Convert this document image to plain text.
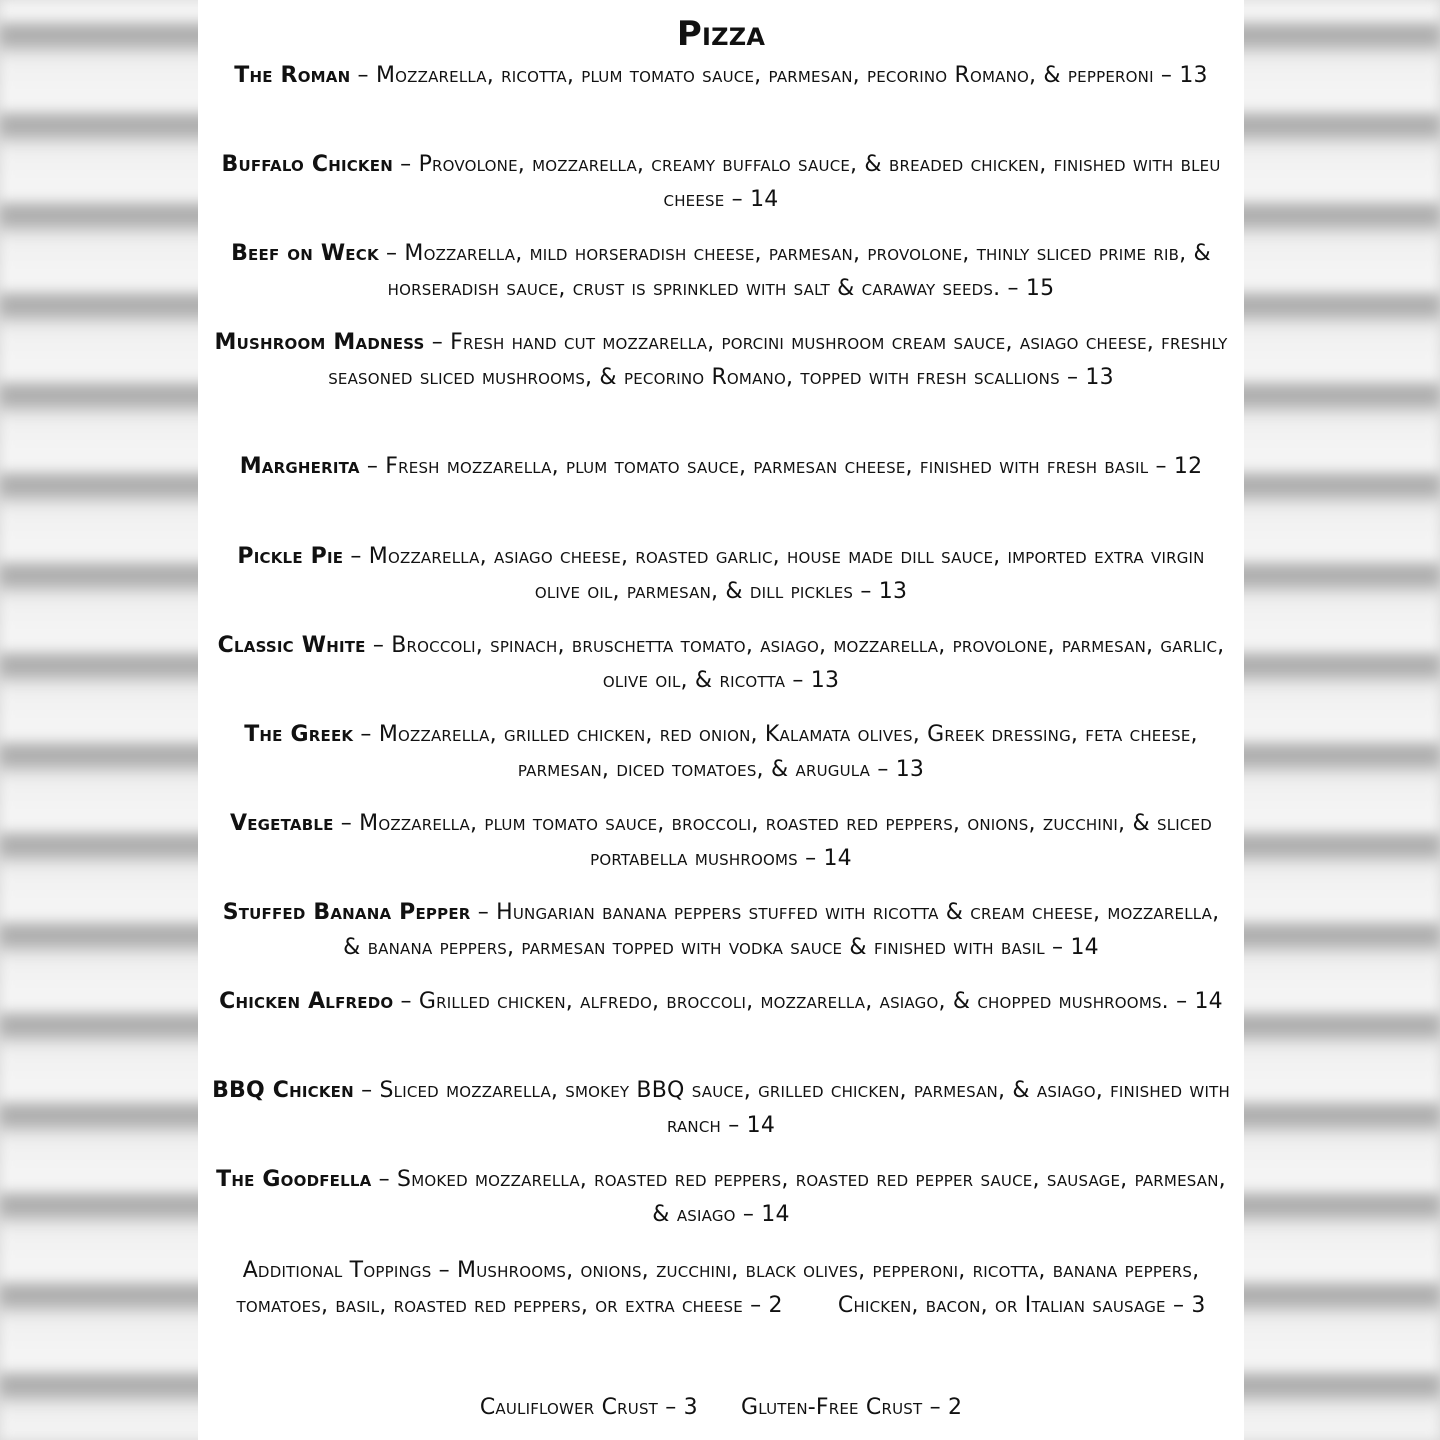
Pizza
The Roman – Mozzarella, ricotta, plum tomato sauce, parmesan, pecorino Romano, & pepperoni – 13
Buffalo Chicken – Provolone, mozzarella, creamy buffalo sauce, & breaded chicken, finished with bleu cheese – 14
Beef on Weck – Mozzarella, mild horseradish cheese, parmesan, provolone, thinly sliced prime rib, & horseradish sauce, crust is sprinkled with salt & caraway seeds. – 15
Mushroom Madness – Fresh hand cut mozzarella, porcini mushroom cream sauce, asiago cheese, freshly seasoned sliced mushrooms, & pecorino Romano, topped with fresh scallions – 13
Margherita – Fresh mozzarella, plum tomato sauce, parmesan cheese, finished with fresh basil – 12
Pickle Pie – Mozzarella, asiago cheese, roasted garlic, house made dill sauce, imported extra virgin olive oil, parmesan, & dill pickles – 13
Classic White – Broccoli, spinach, bruschetta tomato, asiago, mozzarella, provolone, parmesan, garlic, olive oil, & ricotta – 13
The Greek – Mozzarella, grilled chicken, red onion, Kalamata olives, Greek dressing, feta cheese, parmesan, diced tomatoes, & arugula – 13
Vegetable – Mozzarella, plum tomato sauce, broccoli, roasted red peppers, onions, zucchini, & sliced portabella mushrooms – 14
Stuffed Banana Pepper – Hungarian banana peppers stuffed with ricotta & cream cheese, mozzarella, & banana peppers, parmesan topped with vodka sauce & finished with basil – 14
Chicken Alfredo – Grilled chicken, alfredo, broccoli, mozzarella, asiago, & chopped mushrooms. – 14
BBQ Chicken – Sliced mozzarella, smokey BBQ sauce, grilled chicken, parmesan, & asiago, finished with ranch – 14
The Goodfella – Smoked mozzarella, roasted red peppers, roasted red pepper sauce, sausage, parmesan, & asiago – 14
Additional Toppings – Mushrooms, onions, zucchini, black olives, pepperoni, ricotta, banana peppers, tomatoes, basil, roasted red peppers, or extra cheese – 2	Chicken, bacon, or Italian sausage – 3
Cauliflower Crust – 3 Gluten-Free Crust – 2
